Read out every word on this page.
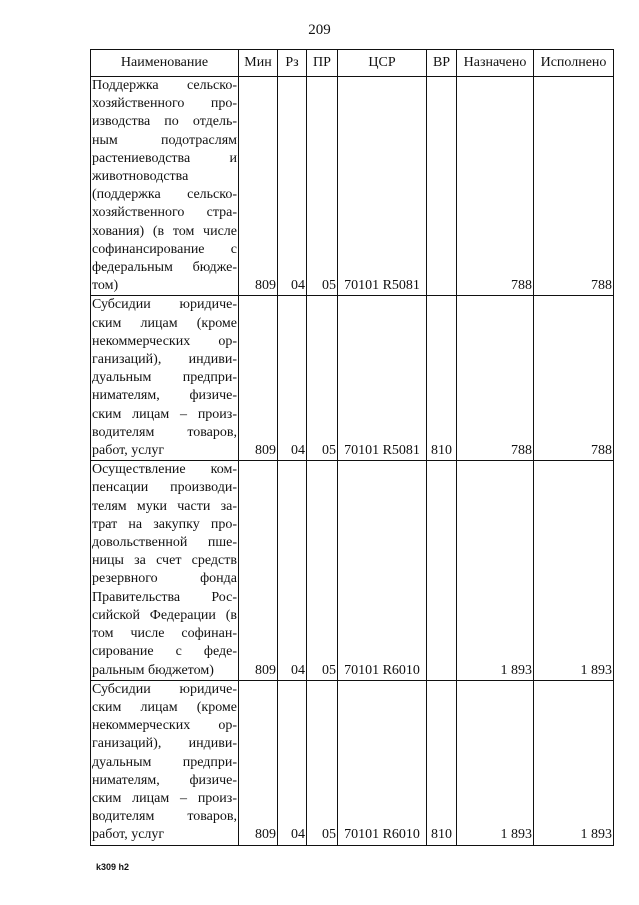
209
Наименование	Мин	Рз	ПР	ЦСР	ВР	Назначено	Исполнено
Поддержка сельско-хозяйственного про-изводства по отдель-ным подотраслям растениеводства и животноводства (поддержка сельско-хозяйственного стра-хования) (в том числе софинансирование с федеральным бюдже-том)	809	04	05	70101 R5081		788	788
Субсидии юридиче-ским лицам (кроме некоммерческих ор-ганизаций), индиви-дуальным предпри-нимателям, физиче-ским лицам – произ-водителям товаров, работ, услуг	809	04	05	70101 R5081	810	788	788
Осуществление ком-пенсации производи-телям муки части за-трат на закупку про-довольственной пше-ницы за счет средств резервного фонда Правительства Рос-сийской Федерации (в том числе софинан-сирование с феде-ральным бюджетом)	809	04	05	70101 R6010		1 893	1 893
Субсидии юридиче-ским лицам (кроме некоммерческих ор-ганизаций), индиви-дуальным предпри-нимателям, физиче-ским лицам – произ-водителям товаров, работ, услуг	809	04	05	70101 R6010	810	1 893	1 893
k309 h2
